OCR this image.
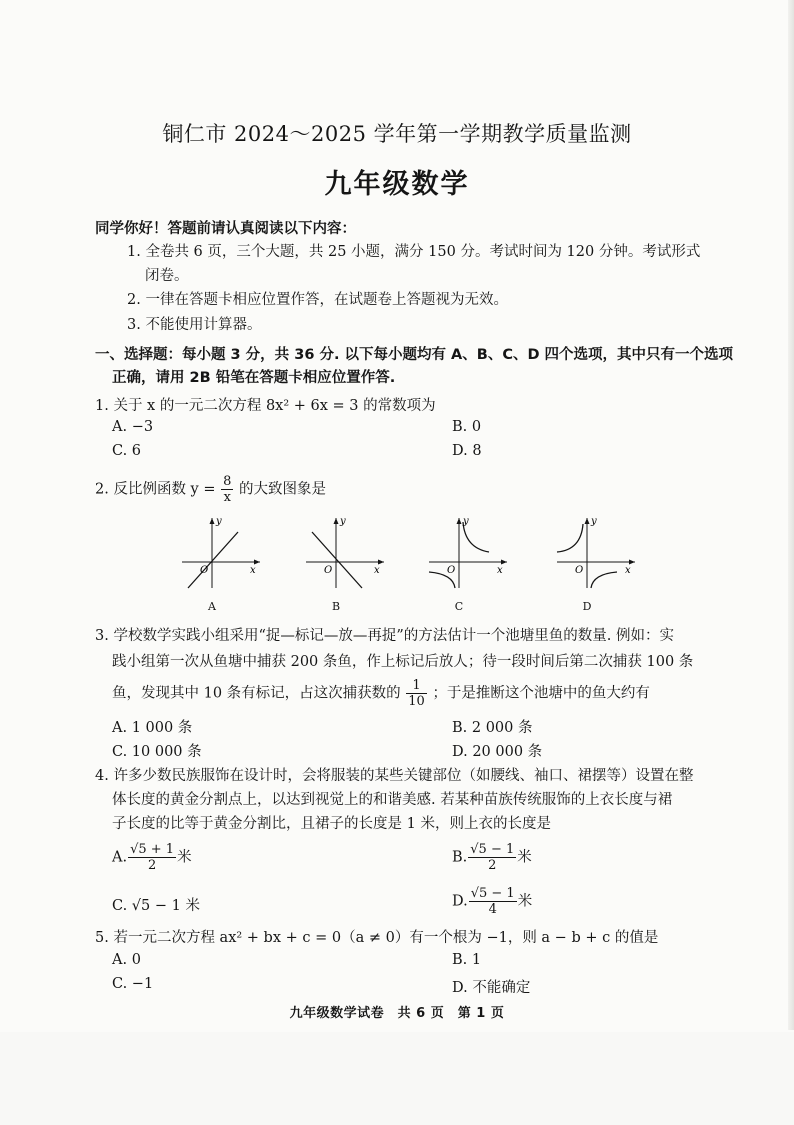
铜仁市 2024～2025 学年第一学期教学质量监测
九年级数学
同学你好！答题前请认真阅读以下内容：
1. 全卷共 6 页，三个大题，共 25 小题，满分 150 分。考试时间为 120 分钟。考试形式
闭卷。
2. 一律在答题卡相应位置作答，在试题卷上答题视为无效。
3. 不能使用计算器。
一、选择题：每小题 3 分，共 36 分. 以下每小题均有 A、B、C、D 四个选项，其中只有一个选项
正确，请用 2B 铅笔在答题卡相应位置作答.
1. 关于 x 的一元二次方程 8x² + 6x = 3 的常数项为
A. −3	B. 0
C. 6	D. 8
2. 反比例函数 $y = \frac{8}{x}$ 的大致图象是
y
x
O
A
y
x
O
B
y
x
O
C
y
x
O
D
3. 学校数学实践小组采用“捉—标记—放—再捉”的方法估计一个池塘里鱼的数量. 例如：实
践小组第一次从鱼塘中捕获 200 条鱼，作上标记后放人；待一段时间后第二次捕获 100 条
鱼，发现其中 10 条有标记，占这次捕获数的 $\frac{1}{10}$ ；于是推断这个池塘中的鱼大约有
A. 1 000 条	B. 2 000 条
C. 10 000 条	D. 20 000 条
4. 许多少数民族服饰在设计时，会将服装的某些关键部位（如腰线、袖口、裙摆等）设置在整
体长度的黄金分割点上，以达到视觉上的和谐美感. 若某种苗族传统服饰的上衣长度与裙
子长度的比等于黄金分割比，且裙子的长度是 1 米，则上衣的长度是
A. $\frac{√5 + 1}{2}$ 米	B. $\frac{√5 - 1}{2}$ 米
C. √5 − 1 米	D. $\frac{√5 - 1}{4}$ 米
5. 若一元二次方程 ax² + bx + c = 0（a ≠ 0）有一个根为 −1，则 a − b + c 的值是
A. 0	B. 1
C. −1	D. 不能确定
九年级数学试卷　共 6 页　第 1 页
